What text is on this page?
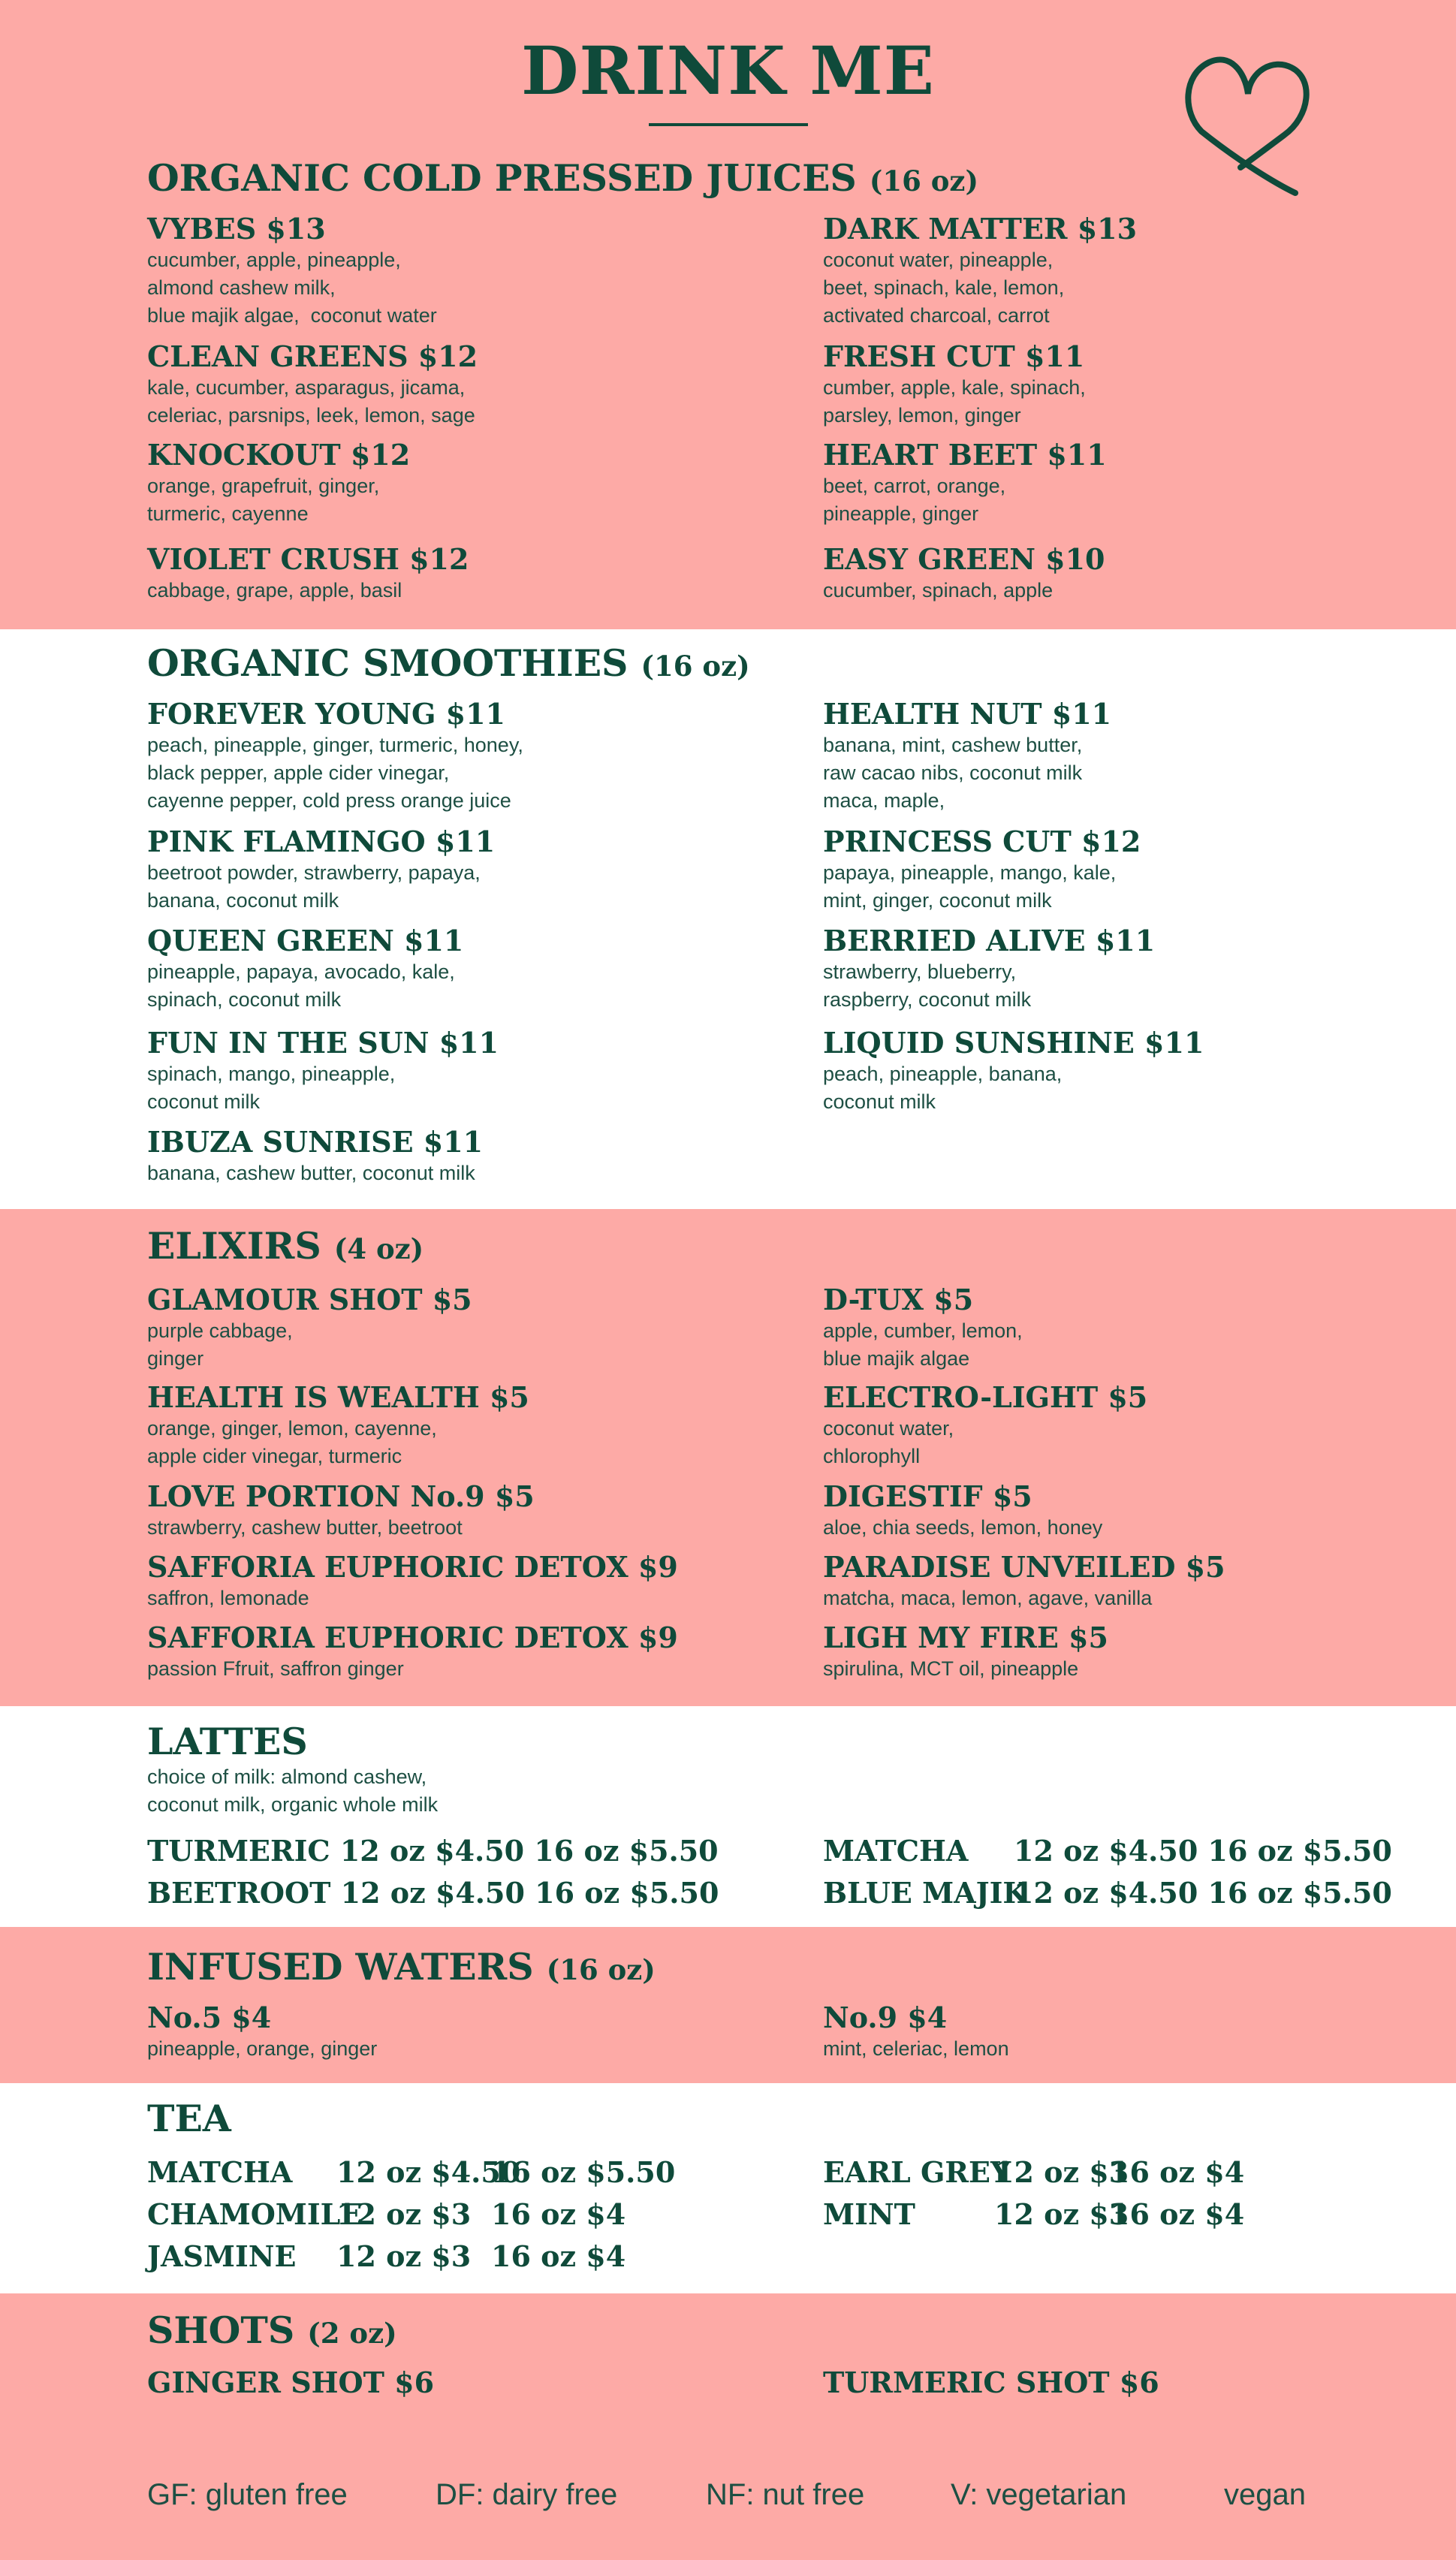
DRINK ME
ORGANIC COLD PRESSED JUICES (16 oz)
VYBES $13
cucumber, apple, pineapple,
almond cashew milk,
blue majik algae,  coconut water
DARK MATTER $13
coconut water, pineapple,
beet, spinach, kale, lemon,
activated charcoal, carrot
CLEAN GREENS $12
kale, cucumber, asparagus, jicama,
celeriac, parsnips, leek, lemon, sage
FRESH CUT $11
cumber, apple, kale, spinach,
parsley, lemon, ginger
KNOCKOUT $12
orange, grapefruit, ginger,
turmeric, cayenne
HEART BEET $11
beet, carrot, orange,
pineapple, ginger
VIOLET CRUSH $12
cabbage, grape, apple, basil
EASY GREEN $10
cucumber, spinach, apple
ORGANIC SMOOTHIES (16 oz)
FOREVER YOUNG $11
peach, pineapple, ginger, turmeric, honey,
black pepper, apple cider vinegar,
cayenne pepper, cold press orange juice
HEALTH NUT $11
banana, mint, cashew butter,
raw cacao nibs, coconut milk
maca, maple,
PINK FLAMINGO $11
beetroot powder, strawberry, papaya,
banana, coconut milk
PRINCESS CUT $12
papaya, pineapple, mango, kale,
mint, ginger, coconut milk
QUEEN GREEN $11
pineapple, papaya, avocado, kale,
spinach, coconut milk
BERRIED ALIVE $11
strawberry, blueberry,
raspberry, coconut milk
FUN IN THE SUN $11
spinach, mango, pineapple,
coconut milk
LIQUID SUNSHINE $11
peach, pineapple, banana,
coconut milk
IBUZA SUNRISE $11
banana, cashew butter, coconut milk
ELIXIRS (4 oz)
GLAMOUR SHOT $5
purple cabbage,
ginger
D-TUX $5
apple, cumber, lemon,
blue majik algae
HEALTH IS WEALTH $5
orange, ginger, lemon, cayenne,
apple cider vinegar, turmeric
ELECTRO-LIGHT $5
coconut water,
chlorophyll
LOVE PORTION No.9 $5
strawberry, cashew butter, beetroot
DIGESTIF $5
aloe, chia seeds, lemon, honey
SAFFORIA EUPHORIC DETOX $9
saffron, lemonade
PARADISE UNVEILED $5
matcha, maca, lemon, agave, vanilla
SAFFORIA EUPHORIC DETOX $9
passion Ffruit, saffron ginger
LIGH MY FIRE $5
spirulina, MCT oil, pineapple
LATTES
choice of milk: almond cashew,
coconut milk, organic whole milk
TURMERIC 12 oz $4.50 16 oz $5.50	MATCHA 12 oz $4.50 16 oz $5.50
BEETROOT 12 oz $4.50 16 oz $5.50	BLUE MAJIK12 oz $4.50 16 oz $5.50
INFUSED WATERS (16 oz)
No.5 $4
pineapple, orange, ginger
No.9 $4
mint, celeriac, lemon
TEA
MATCHA 12 oz $4.5016 oz $5.50	EARL GREY12 oz $316 oz $4
CHAMOMILE12 oz $3 16 oz $4	MINT	12 oz $316 oz $4
JASMINE 12 oz $3 16 oz $4
SHOTS (2 oz)
GINGER SHOT $6	TURMERIC SHOT $6
GF: gluten free	DF: dairy free	NF: nut free	V: vegetarian	vegan
